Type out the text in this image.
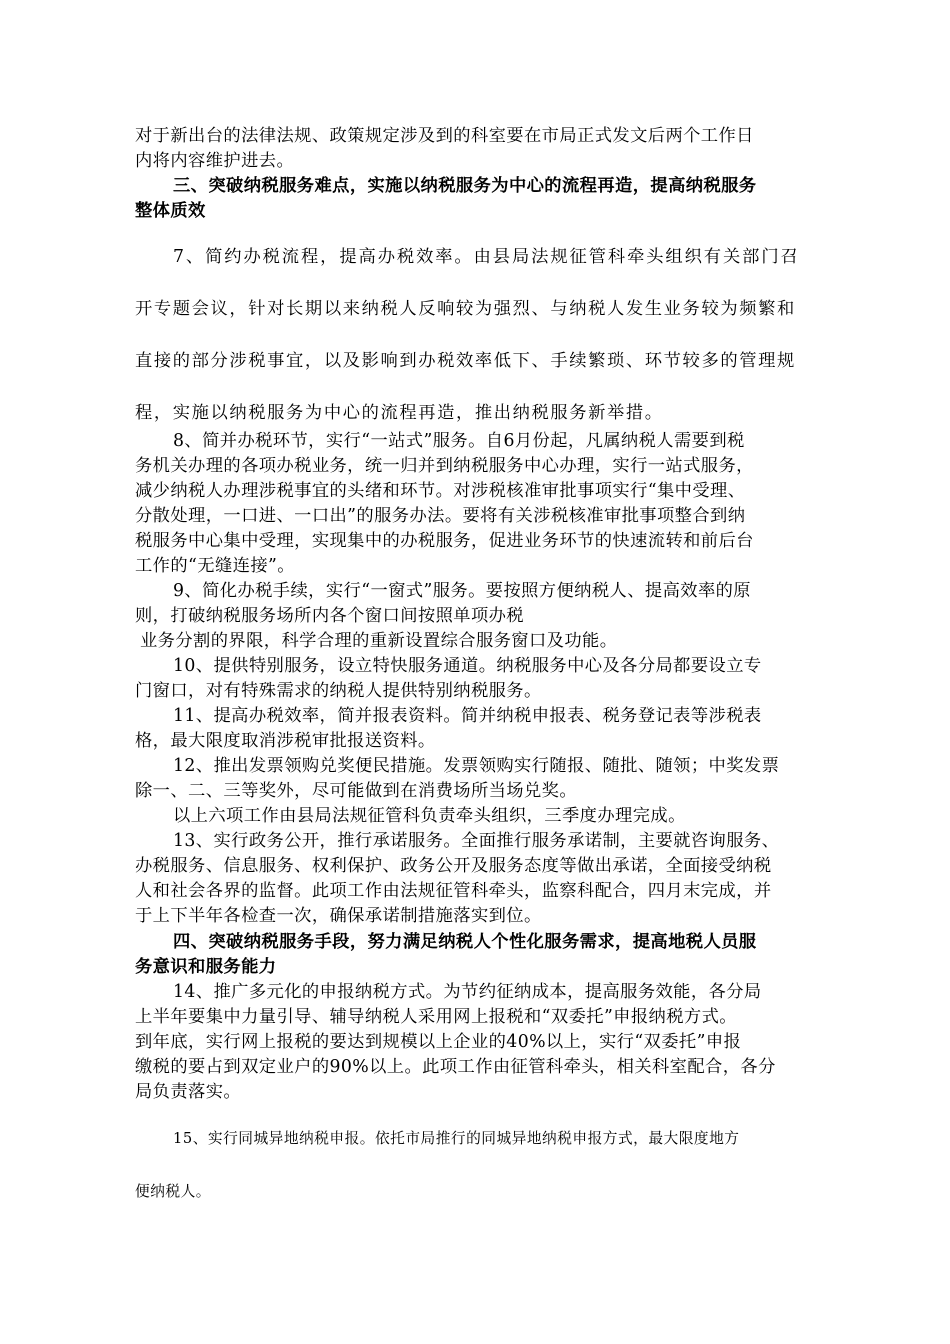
对于新出台的法律法规、政策规定涉及到的科室要在市局正式发文后两个工作日
内将内容维护进去。
三、突破纳税服务难点，实施以纳税服务为中心的流程再造，提高纳税服务
整体质效
7、简约办税流程，提高办税效率。由县局法规征管科牵头组织有关部门召
开专题会议，针对长期以来纳税人反响较为强烈、与纳税人发生业务较为频繁和
直接的部分涉税事宜，以及影响到办税效率低下、手续繁琐、环节较多的管理规
程，实施以纳税服务为中心的流程再造，推出纳税服务新举措。
8、简并办税环节，实行“一站式”服务。自6月份起，凡属纳税人需要到税
务机关办理的各项办税业务，统一归并到纳税服务中心办理，实行一站式服务，
减少纳税人办理涉税事宜的头绪和环节。对涉税核准审批事项实行“集中受理、
分散处理，一口进、一口出”的服务办法。要将有关涉税核准审批事项整合到纳
税服务中心集中受理，实现集中的办税服务，促进业务环节的快速流转和前后台
工作的“无缝连接”。
9、简化办税手续，实行“一窗式”服务。要按照方便纳税人、提高效率的原
则，打破纳税服务场所内各个窗口间按照单项办税
业务分割的界限，科学合理的重新设置综合服务窗口及功能。
10、提供特别服务，设立特快服务通道。纳税服务中心及各分局都要设立专
门窗口，对有特殊需求的纳税人提供特别纳税服务。
11、提高办税效率，简并报表资料。简并纳税申报表、税务登记表等涉税表
格，最大限度取消涉税审批报送资料。
12、推出发票领购兑奖便民措施。发票领购实行随报、随批、随领；中奖发票
除一、二、三等奖外，尽可能做到在消费场所当场兑奖。
以上六项工作由县局法规征管科负责牵头组织，三季度办理完成。
13、实行政务公开，推行承诺服务。全面推行服务承诺制，主要就咨询服务、
办税服务、信息服务、权利保护、政务公开及服务态度等做出承诺，全面接受纳税
人和社会各界的监督。此项工作由法规征管科牵头，监察科配合，四月末完成，并
于上下半年各检查一次，确保承诺制措施落实到位。
四、突破纳税服务手段，努力满足纳税人个性化服务需求，提高地税人员服
务意识和服务能力
14、推广多元化的申报纳税方式。为节约征纳成本，提高服务效能，各分局
上半年要集中力量引导、辅导纳税人采用网上报税和“双委托”申报纳税方式。
到年底，实行网上报税的要达到规模以上企业的40%以上，实行“双委托”申报
缴税的要占到双定业户的90%以上。此项工作由征管科牵头，相关科室配合，各分
局负责落实。
15、实行同城异地纳税申报。依托市局推行的同城异地纳税申报方式，最大限度地方
便纳税人。
